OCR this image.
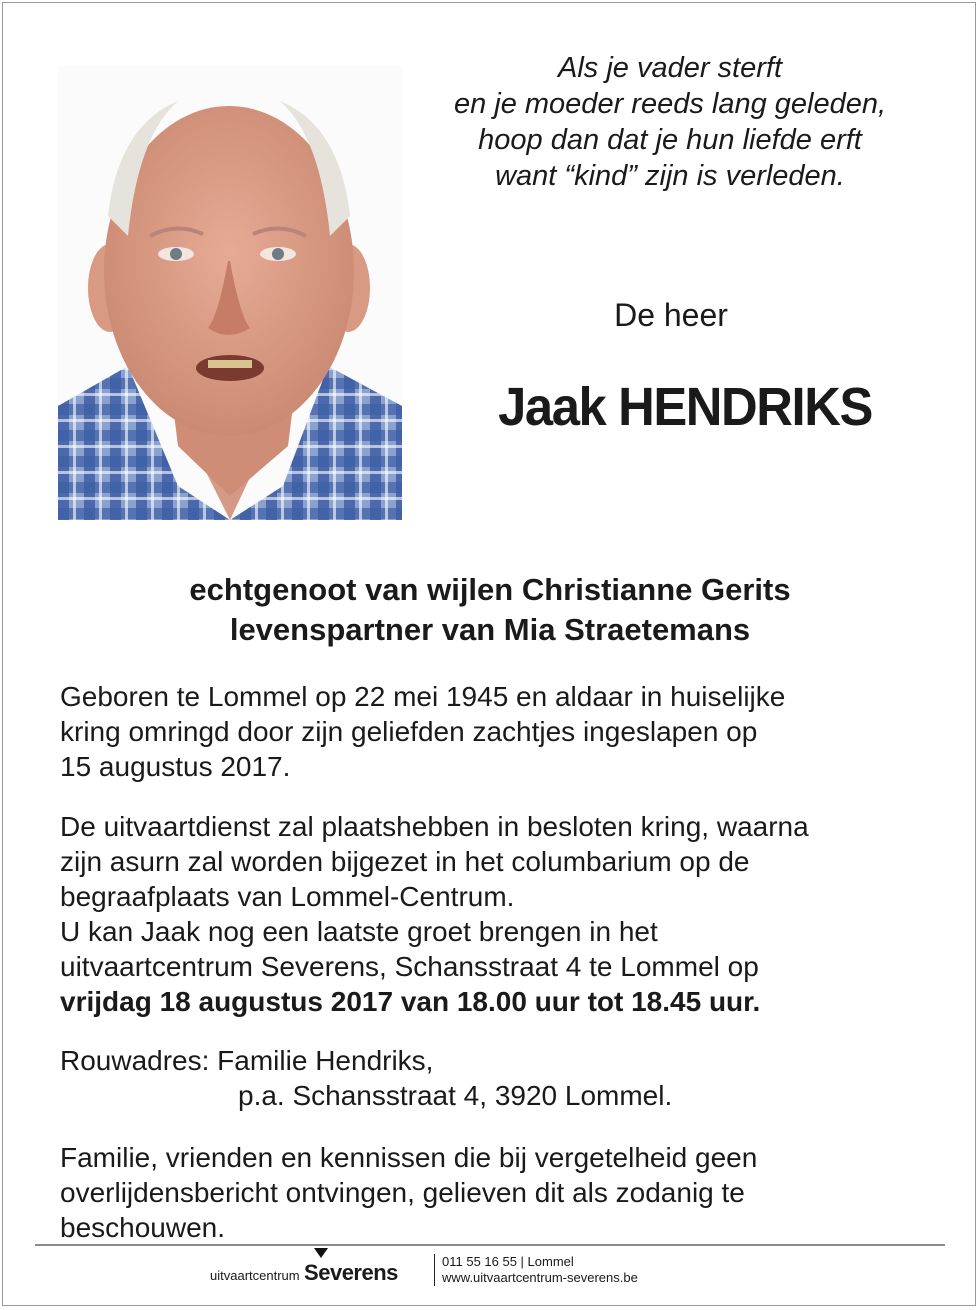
Als je vader sterft
en je moeder reeds lang geleden,
hoop dan dat je hun liefde erft
want “kind” zijn is verleden.
De heer
Jaak HENDRIKS
echtgenoot van wijlen Christianne Gerits
levenspartner van Mia Straetemans
Geboren te Lommel op 22 mei 1945 en aldaar in huiselijke
kring omringd door zijn geliefden zachtjes ingeslapen op
15 augustus 2017.
De uitvaartdienst zal plaatshebben in besloten kring, waarna
zijn asurn zal worden bijgezet in het columbarium op de
begraafplaats van Lommel-Centrum.
U kan Jaak nog een laatste groet brengen in het
uitvaartcentrum Severens, Schansstraat 4 te Lommel op
vrijdag 18 augustus 2017 van 18.00 uur tot 18.45 uur.
Rouwadres: Familie Hendriks,
p.a. Schansstraat 4, 3920 Lommel.
Familie, vrienden en kennissen die bij vergetelheid geen
overlijdensbericht ontvingen, gelieven dit als zodanig te
beschouwen.
uitvaartcentrum Severens	011 55 16 55 | Lommel
www.uitvaartcentrum-severens.be
